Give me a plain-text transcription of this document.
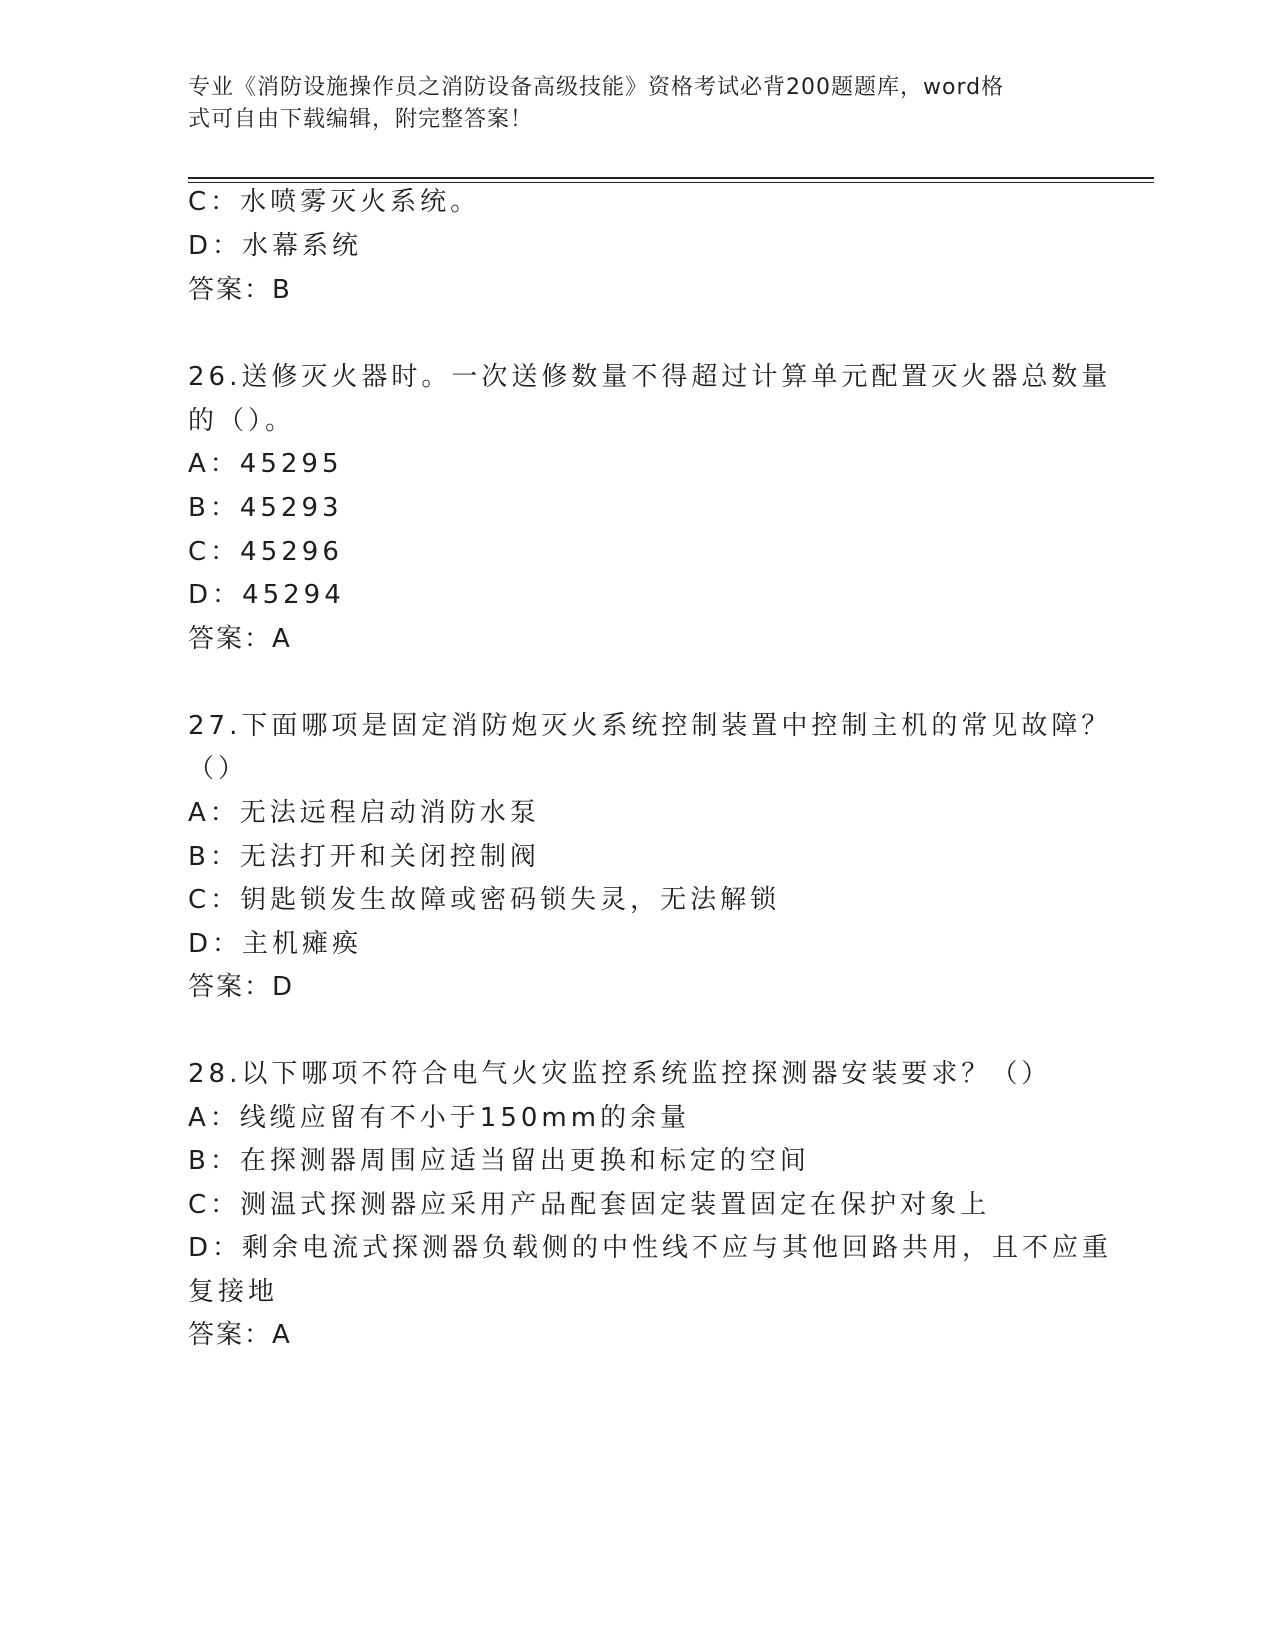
专业《消防设施操作员之消防设备高级技能》资格考试必背200题题库，word格
式可自由下载编辑，附完整答案！
C：水喷雾灭火系统。
D：水幕系统
答案：B
26.送修灭火器时。一次送修数量不得超过计算单元配置灭火器总数量
的（）。
A：45295
B：45293
C：45296
D：45294
答案：A
27.下面哪项是固定消防炮灭火系统控制装置中控制主机的常见故障？
（）
A：无法远程启动消防水泵
B：无法打开和关闭控制阀
C：钥匙锁发生故障或密码锁失灵，无法解锁
D：主机瘫痪
答案：D
28.以下哪项不符合电气火灾监控系统监控探测器安装要求？（）
A：线缆应留有不小于150mm的余量
B：在探测器周围应适当留出更换和标定的空间
C：测温式探测器应采用产品配套固定装置固定在保护对象上
D：剩余电流式探测器负载侧的中性线不应与其他回路共用，且不应重
复接地
答案：A
